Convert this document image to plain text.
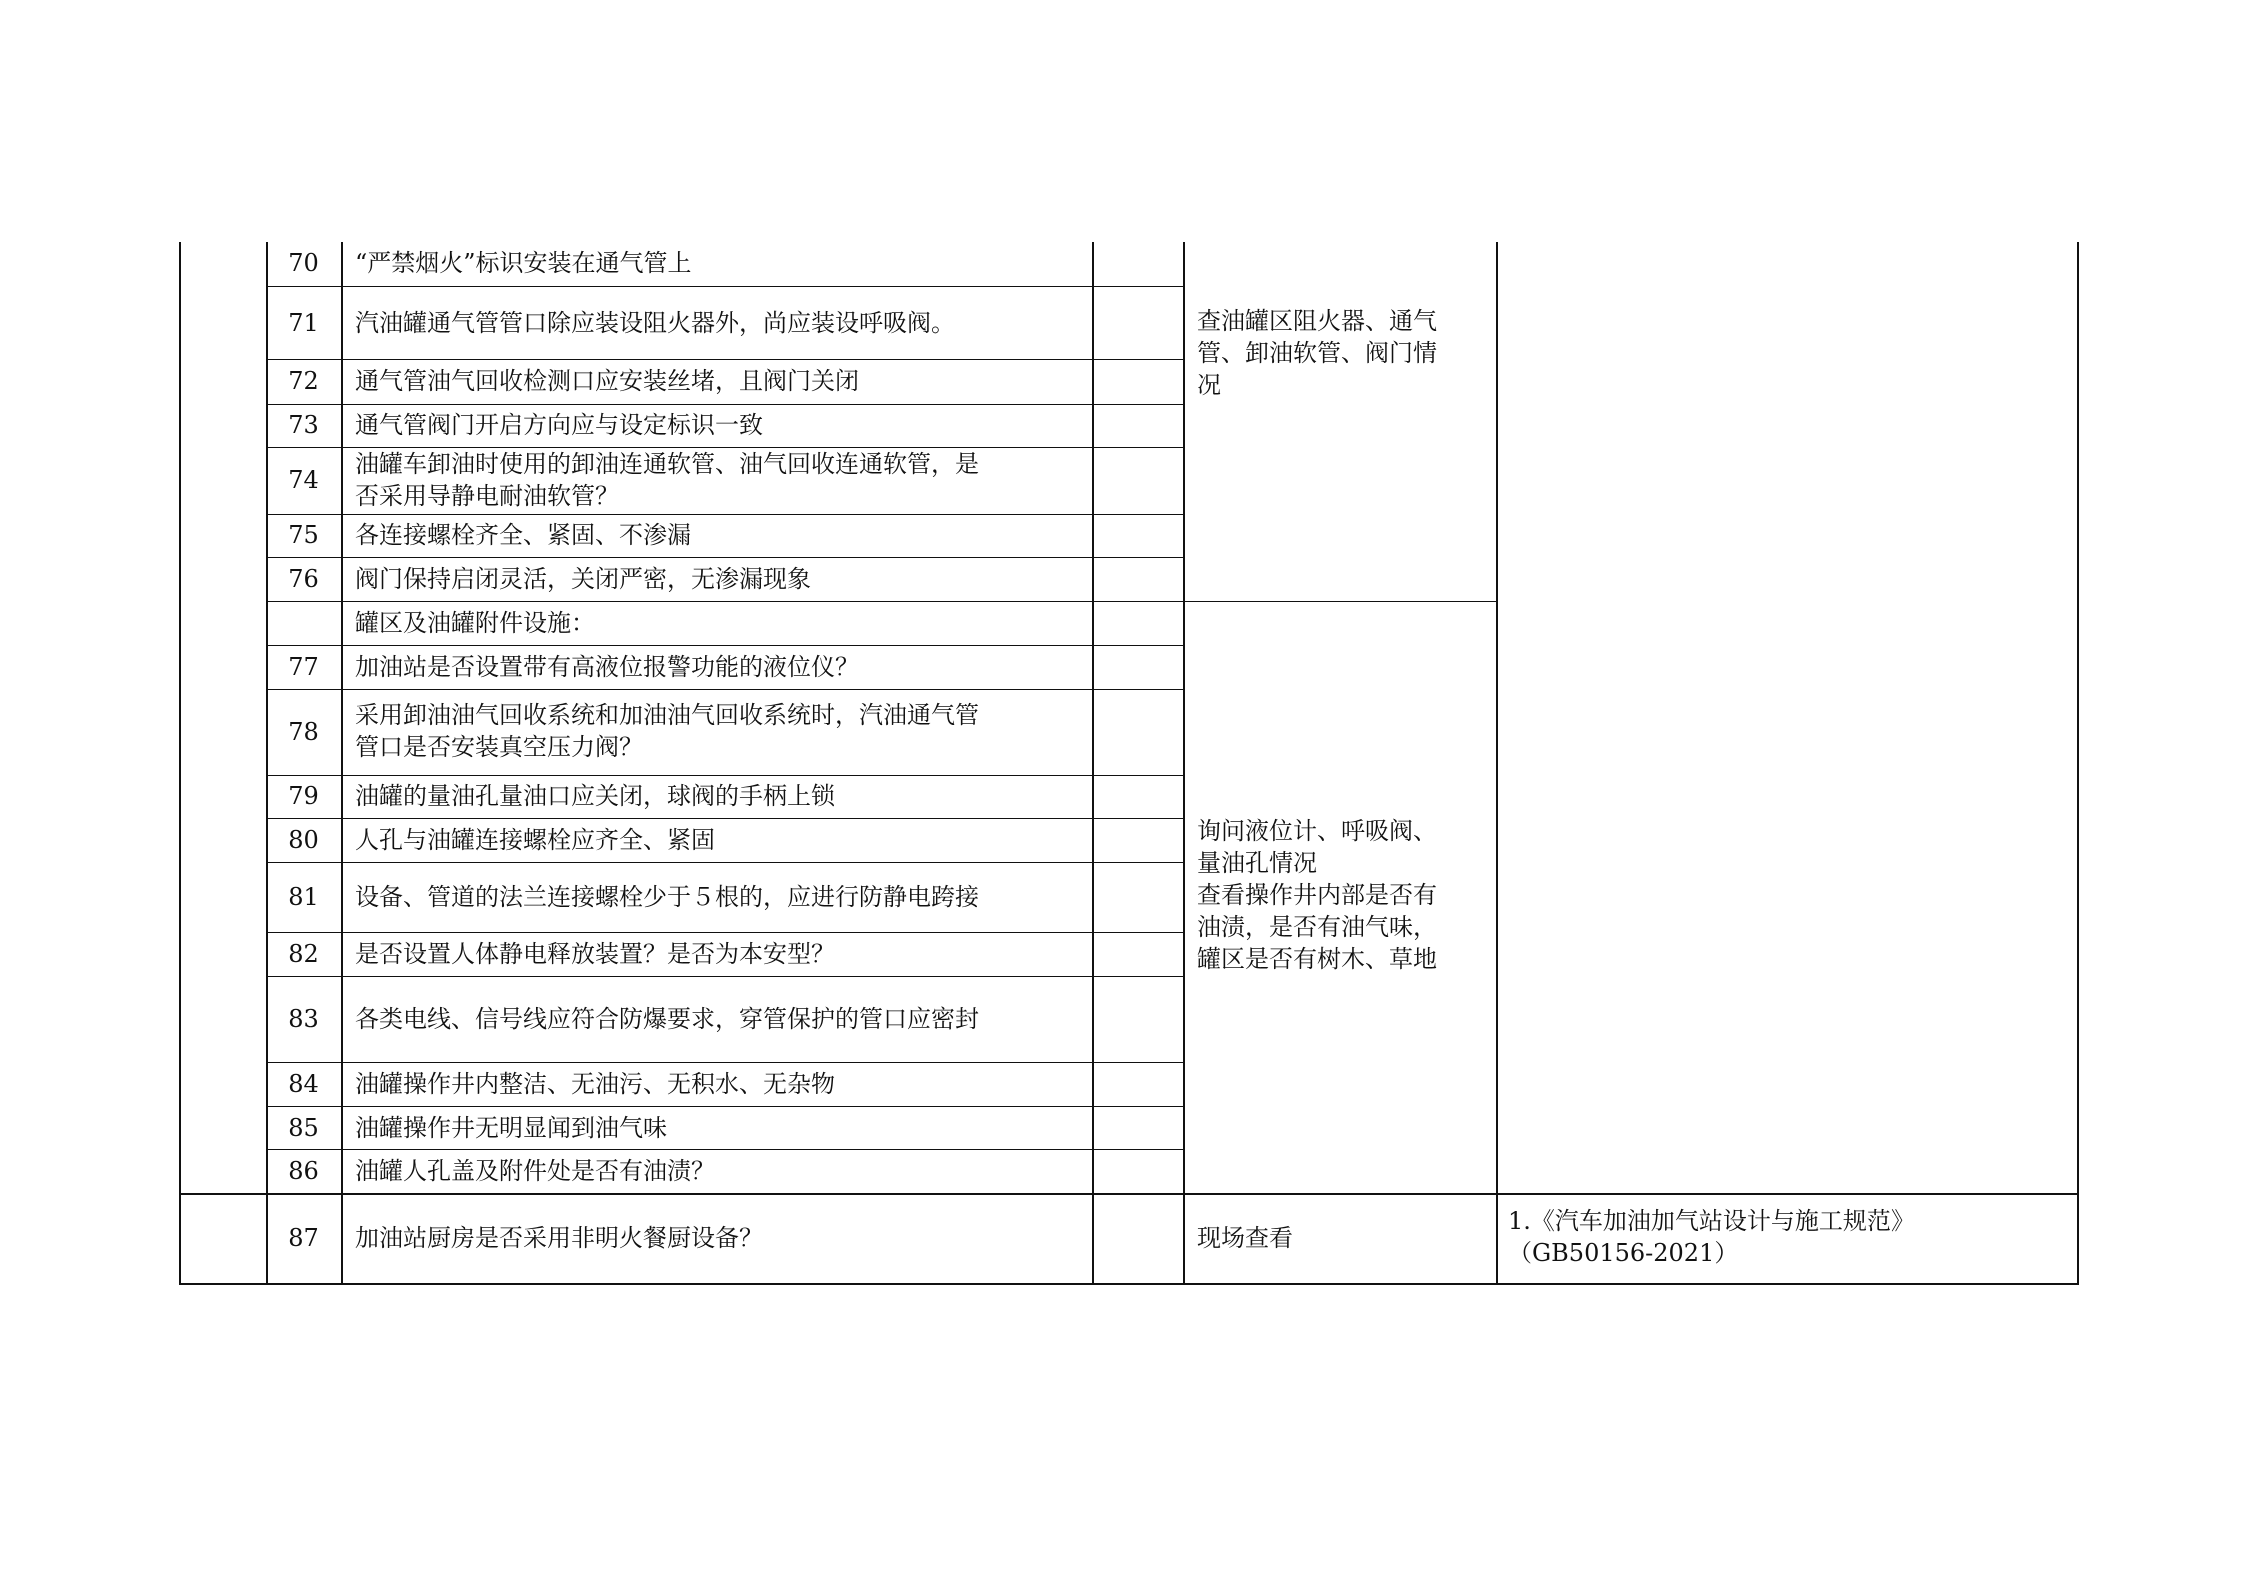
70
71
72
73
74
75
76
77
78
79
80
81
82
83
84
85
86
87
“严禁烟火”标识安装在通气管上
汽油罐通气管管口除应装设阻火器外，尚应装设呼吸阀。
通气管油气回收检测口应安装丝堵，且阀门关闭
通气管阀门开启方向应与设定标识一致
油罐车卸油时使用的卸油连通软管、油气回收连通软管，是
否采用导静电耐油软管？
各连接螺栓齐全、紧固、不渗漏
阀门保持启闭灵活，关闭严密，无渗漏现象
罐区及油罐附件设施：
加油站是否设置带有高液位报警功能的液位仪？
采用卸油油气回收系统和加油油气回收系统时，汽油通气管
管口是否安装真空压力阀？
油罐的量油孔量油口应关闭，球阀的手柄上锁
人孔与油罐连接螺栓应齐全、紧固
设备、管道的法兰连接螺栓少于５根的，应进行防静电跨接
是否设置人体静电释放装置？是否为本安型？
各类电线、信号线应符合防爆要求，穿管保护的管口应密封
油罐操作井内整洁、无油污、无积水、无杂物
油罐操作井无明显闻到油气味
油罐人孔盖及附件处是否有油渍？
加油站厨房是否采用非明火餐厨设备？
查油罐区阻火器、通气
管、卸油软管、阀门情
况
询问液位计、呼吸阀、
量油孔情况
查看操作井内部是否有
油渍，是否有油气味，
罐区是否有树木、草地
现场查看
1.《汽车加油加气站设计与施工规范》
（GB50156-2021）
